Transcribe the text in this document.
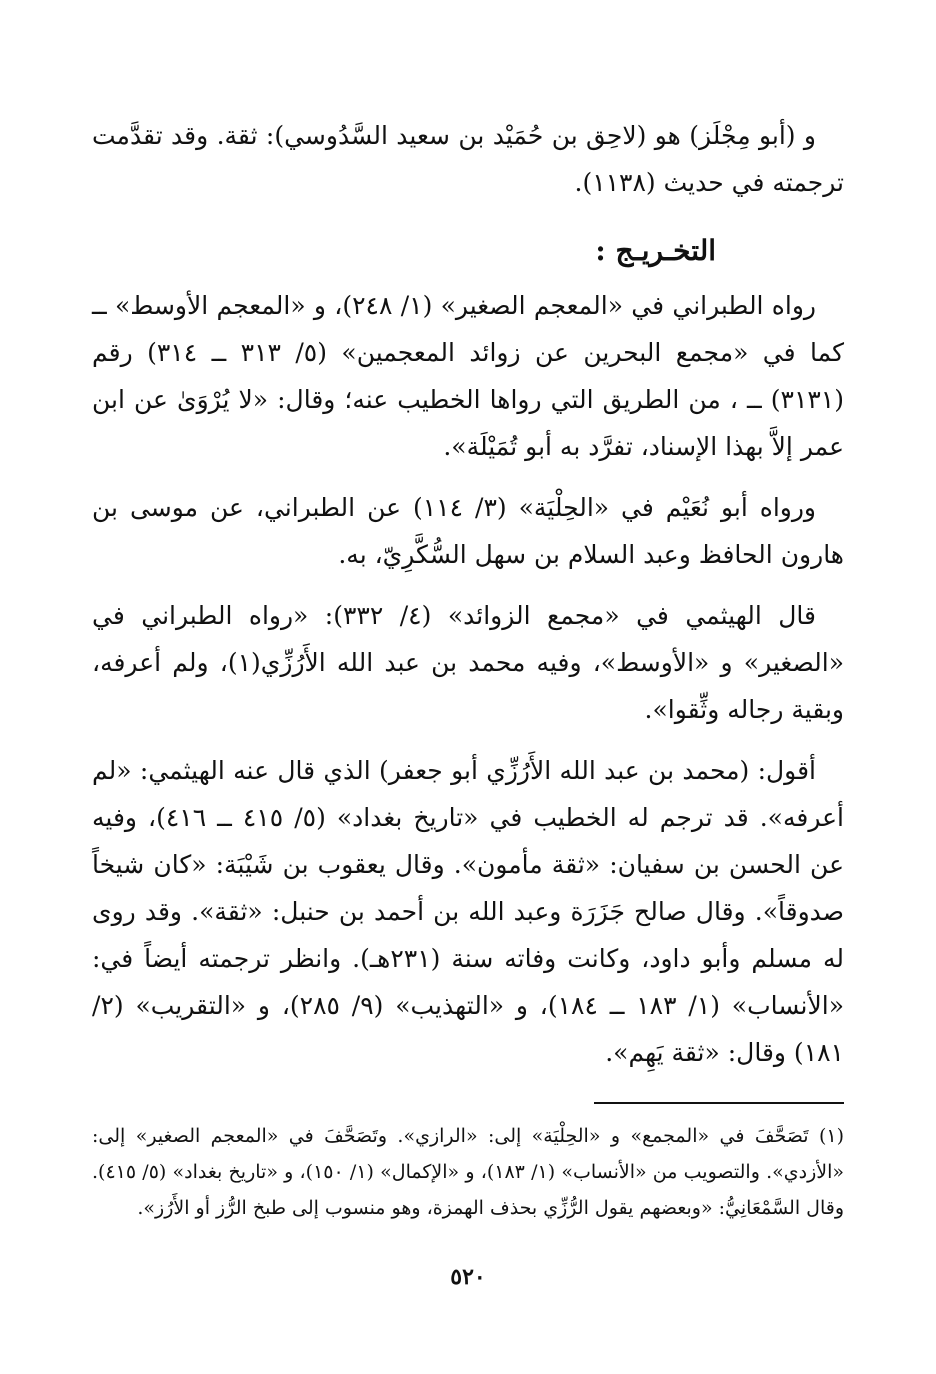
و (أبو مِجْلَز) هو (لاحِق بن حُمَيْد بن سعيد السَّدُوسي): ثقة. وقد تقدَّمت ترجمته في حديث (١١٣٨).

التخـريـج :

رواه الطبراني في «المعجم الصغير» (١/ ٢٤٨)، و «المعجم الأوسط» ــ كما في «مجمع البحرين عن زوائد المعجمين» (٥/ ٣١٣ ــ ٣١٤) رقم (٣١٣١) ــ ، من الطريق التي رواها الخطيب عنه؛ وقال: «لا يُرْوَىٰ عن ابن عمر إلاَّ بهذا الإسناد، تفرَّد به أبو تُمَيْلَة».

ورواه أبو نُعَيْم في «الحِلْيَة» (٣/ ١١٤) عن الطبراني، عن موسى بن هارون الحافظ وعبد السلام بن سهل السُّكَّرِيّ، به.

قال الهيثمي في «مجمع الزوائد» (٤/ ٣٣٢): «رواه الطبراني في «الصغير» و «الأوسط»، وفيه محمد بن عبد الله الأَرُزِّي(١)، ولم أعرفه، وبقية رجاله وثِّقوا».

أقول: (محمد بن عبد الله الأَرُزِّي أبو جعفر) الذي قال عنه الهيثمي: «لم أعرفه». قد ترجم له الخطيب في «تاريخ بغداد» (٥/ ٤١٥ ــ ٤١٦)، وفيه عن الحسن بن سفيان: «ثقة مأمون». وقال يعقوب بن شَيْبَة: «كان شيخاً صدوقاً». وقال صالح جَزَرَة وعبد الله بن أحمد بن حنبل: «ثقة». وقد روى له مسلم وأبو داود، وكانت وفاته سنة (٢٣١هـ). وانظر ترجمته أيضاً في: «الأنساب» (١/ ١٨٣ ــ ١٨٤)، و «التهذيب» (٩/ ٢٨٥)، و «التقريب» (٢/ ١٨١) وقال: «ثقة يَهِم».

(١) تَصَحَّفَ في «المجمع» و «الحِلْيَة» إلى: «الرازي». وتَصَحَّفَ في «المعجم الصغير» إلى: «الأزدي». والتصويب من «الأنساب» (١/ ١٨٣)، و «الإكمال» (١/ ١٥٠)، و «تاريخ بغداد» (٥/ ٤١٥). وقال السَّمْعَانِيُّ: «وبعضهم يقول الرُّزِّي بحذف الهمزة، وهو منسوب إلى طبخ الرُّز أو الأَرُز».

٥٢٠
